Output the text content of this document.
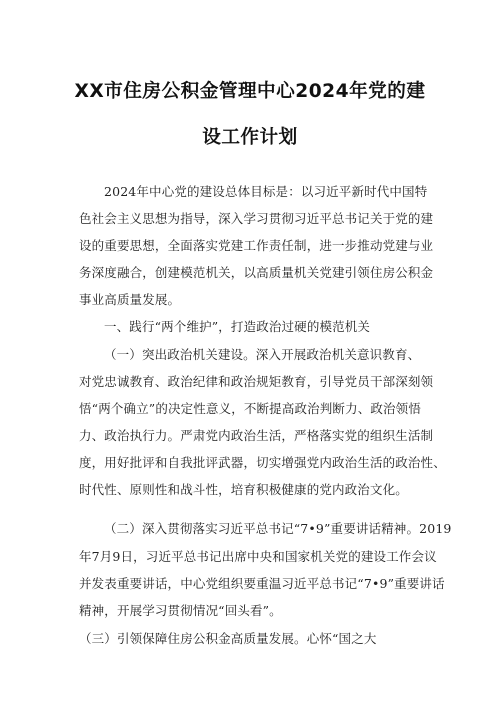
XX市住房公积金管理中心2024年党的建
设工作计划
2024年中心党的建设总体目标是：以习近平新时代中国特
色社会主义思想为指导，深入学习贯彻习近平总书记关于党的建
设的重要思想，全面落实党建工作责任制，进一步推动党建与业
务深度融合，创建模范机关，以高质量机关党建引领住房公积金
事业高质量发展。
一、践行“两个维护”，打造政治过硬的模范机关
（一）突出政治机关建设。深入开展政治机关意识教育、
对党忠诚教育、政治纪律和政治规矩教育，引导党员干部深刻领
悟“两个确立”的决定性意义，不断提高政治判断力、政治领悟
力、政治执行力。严肃党内政治生活，严格落实党的组织生活制
度，用好批评和自我批评武器，切实增强党内政治生活的政治性、
时代性、原则性和战斗性，培育积极健康的党内政治文化。
（二）深入贯彻落实习近平总书记“7•9”重要讲话精神。2019
年7月9日，习近平总书记出席中央和国家机关党的建设工作会议
并发表重要讲话，中心党组织要重温习近平总书记“7•9”重要讲话
精神，开展学习贯彻情况“回头看”。
（三）引领保障住房公积金高质量发展。心怀“国之大
